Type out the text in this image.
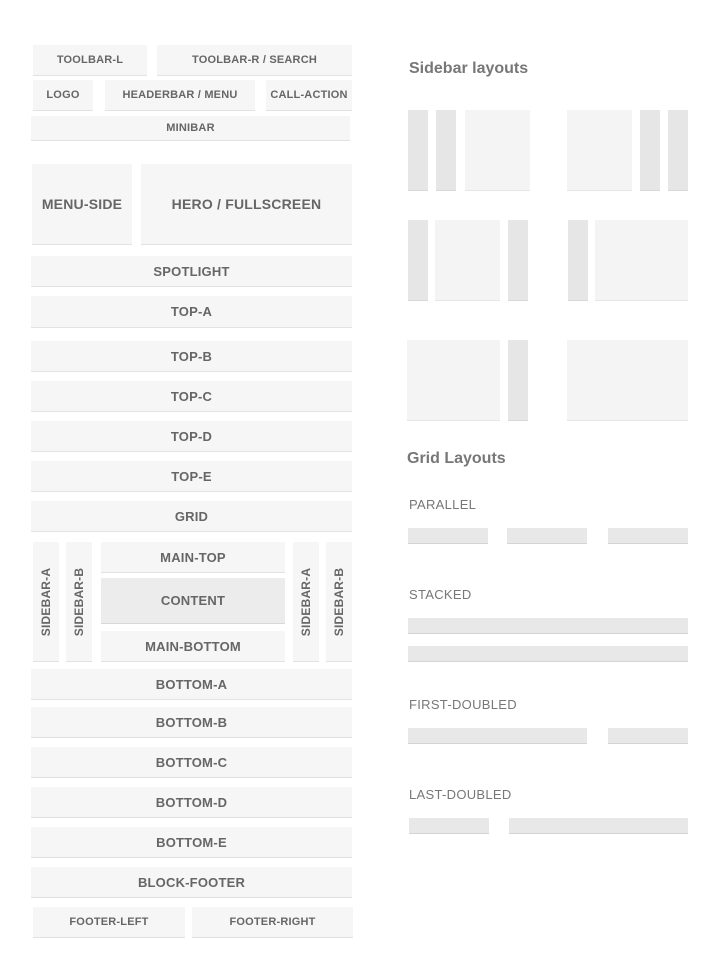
TOOLBAR-L	TOOLBAR-R / SEARCH
LOGO	HEADERBAR / MENU	CALL-ACTION
MINIBAR
MENU-SIDE	HERO / FULLSCREEN
SPOTLIGHT
TOP-A
TOP-B
TOP-C
TOP-D
TOP-E
GRID
SIDEBAR-A SIDEBAR-B
MAIN-TOP
CONTENT
MAIN-BOTTOM
SIDEBAR-A SIDEBAR-B
BOTTOM-A
BOTTOM-B
BOTTOM-C
BOTTOM-D
BOTTOM-E
BLOCK-FOOTER
FOOTER-LEFT	FOOTER-RIGHT
Sidebar layouts
Grid Layouts
PARALLEL
STACKED
FIRST-DOUBLED
LAST-DOUBLED
